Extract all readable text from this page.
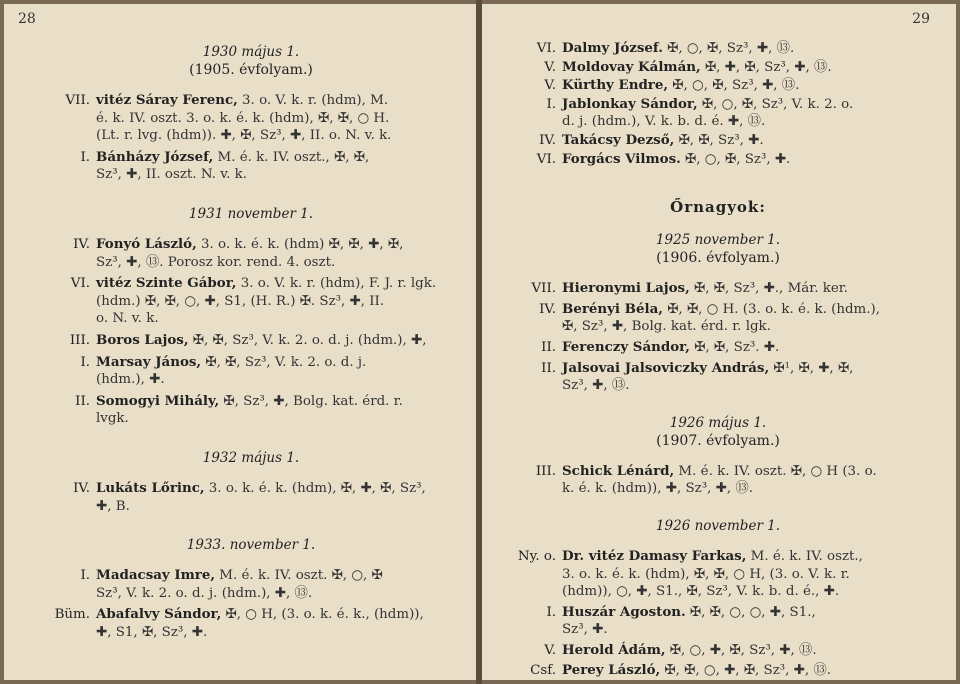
28
1930 május 1.
(1905. évfolyam.)
VII. vitéz Sáray Ferenc, 3. o. V. k. r. (hdm), M.
é. k. IV. oszt. 3. o. k. é. k. (hdm), ✠, ✠, ○ H.
(Lt. r. lvg. (hdm)). ✚, ✠, Sz³, ✚, II. o. N. v. k.
I. Bánházy József, M. é. k. IV. oszt., ✠, ✠,
Sz³, ✚, II. oszt. N. v. k.
1931 november 1.
IV. Fonyó László, 3. o. k. é. k. (hdm) ✠, ✠, ✚, ✠,
Sz³, ✚, ⑬. Porosz kor. rend. 4. oszt.
VI. vitéz Szinte Gábor, 3. o. V. k. r. (hdm), F. J. r. lgk.
(hdm.) ✠, ✠, ○, ✚, S1, (H. R.) ✠. Sz³, ✚, II.
o. N. v. k.
III. Boros Lajos, ✠, ✠, Sz³, V. k. 2. o. d. j. (hdm.), ✚,
I. Marsay János, ✠, ✠, Sz³, V. k. 2. o. d. j.
(hdm.), ✚.
II. Somogyi Mihály, ✠, Sz³, ✚, Bolg. kat. érd. r.
lvgk.
1932 május 1.
IV. Lukáts Lőrinc, 3. o. k. é. k. (hdm), ✠, ✚, ✠, Sz³,
✚, B.
1933. november 1.
I. Madacsay Imre, M. é. k. IV. oszt. ✠, ○, ✠
Sz³, V. k. 2. o. d. j. (hdm.), ✚, ⑬.
Büm. Abafalvy Sándor, ✠, ○ H, (3. o. k. é. k., (hdm)),
✚, S1, ✠, Sz³, ✚.
29
VI. Dalmy József. ✠, ○, ✠, Sz³, ✚, ⑬.
V. Moldovay Kálmán, ✠, ✚, ✠, Sz³, ✚, ⑬.
V. Kürthy Endre, ✠, ○, ✠, Sz³, ✚, ⑬.
I. Jablonkay Sándor, ✠, ○, ✠, Sz³, V. k. 2. o.
d. j. (hdm.), V. k. b. d. é. ✚, ⑬.
IV. Takácsy Dezső, ✠, ✠, Sz³, ✚.
VI. Forgács Vilmos. ✠, ○, ✠, Sz³, ✚.
Őrnagyok:
1925 november 1.
(1906. évfolyam.)
VII. Hieronymi Lajos, ✠, ✠, Sz³, ✚., Már. ker.
IV. Berényi Béla, ✠, ✠, ○ H. (3. o. k. é. k. (hdm.),
✠, Sz³, ✚, Bolg. kat. érd. r. lgk.
II. Ferenczy Sándor, ✠, ✠, Sz³. ✚.
II. Jalsovai Jalsoviczky András, ✠¹, ✠, ✚, ✠,
Sz³, ✚, ⑬.
1926 május 1.
(1907. évfolyam.)
III. Schick Lénárd, M. é. k. IV. oszt. ✠, ○ H (3. o.
k. é. k. (hdm)), ✚, Sz³, ✚, ⑬.
1926 november 1.
Ny. o. Dr. vitéz Damasy Farkas, M. é. k. IV. oszt.,
3. o. k. é. k. (hdm), ✠, ✠, ○ H, (3. o. V. k. r.
(hdm)), ○, ✚, S1., ✠, Sz³, V. k. b. d. é., ✚.
I. Huszár Agoston. ✠, ✠, ○, ○, ✚, S1.,
Sz³, ✚.
V. Herold Ádám, ✠, ○, ✚, ✠, Sz³, ✚, ⑬.
Csf. Perey László, ✠, ✠, ○, ✚, ✠, Sz³, ✚, ⑬.
